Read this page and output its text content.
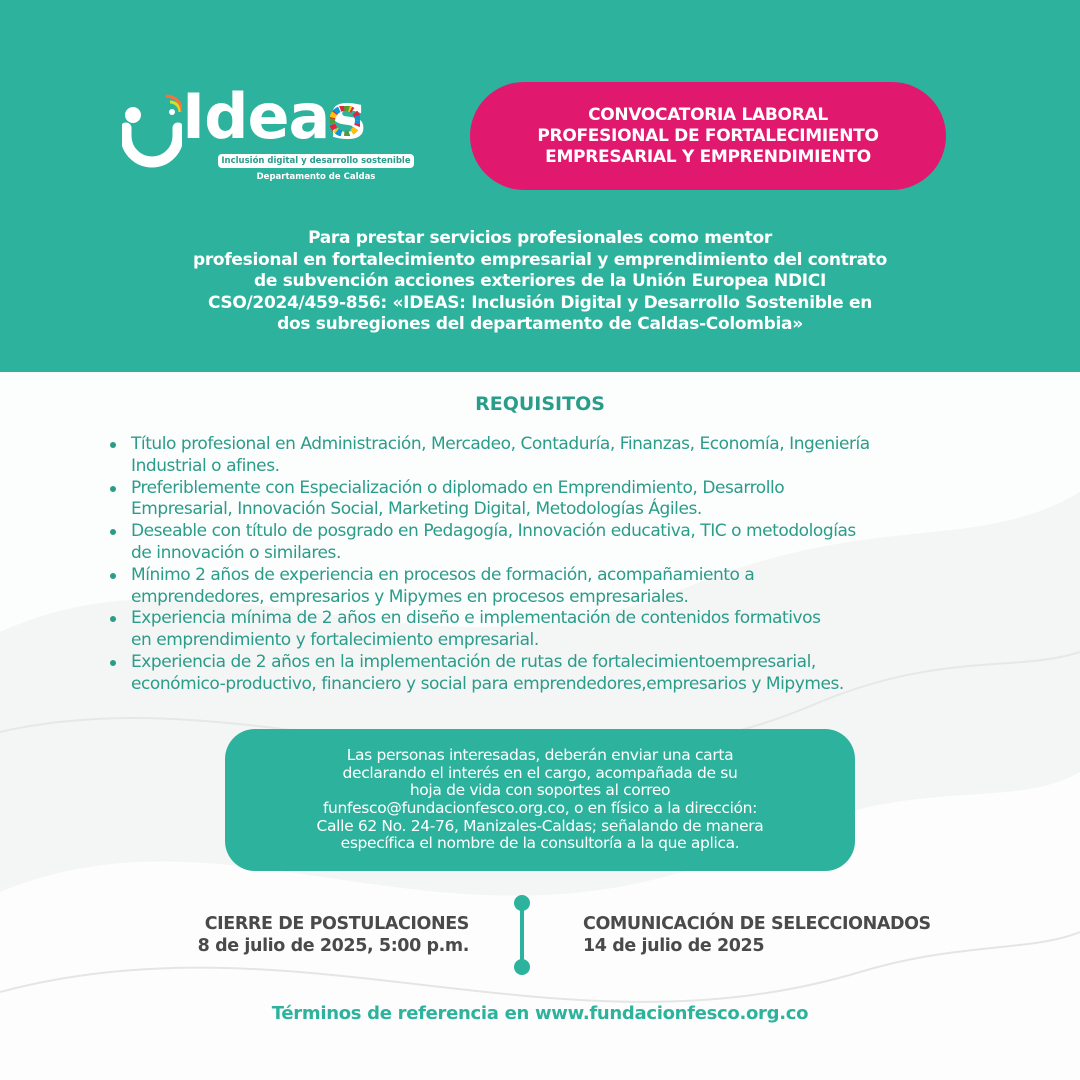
Ideas
Inclusión digital y desarrollo sostenible
Departamento de Caldas
CONVOCATORIA LABORAL
PROFESIONAL DE FORTALECIMIENTO
EMPRESARIAL Y EMPRENDIMIENTO
Para prestar servicios profesionales como mentor
profesional en fortalecimiento empresarial y emprendimiento del contrato
de subvención acciones exteriores de la Unión Europea NDICI
CSO/2024/459-856: «IDEAS: Inclusión Digital y Desarrollo Sostenible en
dos subregiones del departamento de Caldas-Colombia»
REQUISITOS
Título profesional en Administración, Mercadeo, Contaduría, Finanzas, Economía, Ingeniería
Industrial o afines.
Preferiblemente con Especialización o diplomado en Emprendimiento, Desarrollo
Empresarial, Innovación Social, Marketing Digital, Metodologías Ágiles.
Deseable con título de posgrado en Pedagogía, Innovación educativa, TIC o metodologías
de innovación o similares.
Mínimo 2 años de experiencia en procesos de formación, acompañamiento a
emprendedores, empresarios y Mipymes en procesos empresariales.
Experiencia mínima de 2 años en diseño e implementación de contenidos formativos
en emprendimiento y fortalecimiento empresarial.
Experiencia de 2 años en la implementación de rutas de fortalecimientoempresarial,
económico-productivo, financiero y social para emprendedores,empresarios y Mipymes.
Las personas interesadas, deberán enviar una carta
declarando el interés en el cargo, acompañada de su
hoja de vida con soportes al correo
funfesco@fundacionfesco.org.co, o en físico a la dirección:
Calle 62 No. 24-76, Manizales-Caldas; señalando de manera
específica el nombre de la consultoría a la que aplica.
CIERRE DE POSTULACIONES
8 de julio de 2025, 5:00 p.m.
COMUNICACIÓN DE SELECCIONADOS
14 de julio de 2025
Términos de referencia en www.fundacionfesco.org.co
